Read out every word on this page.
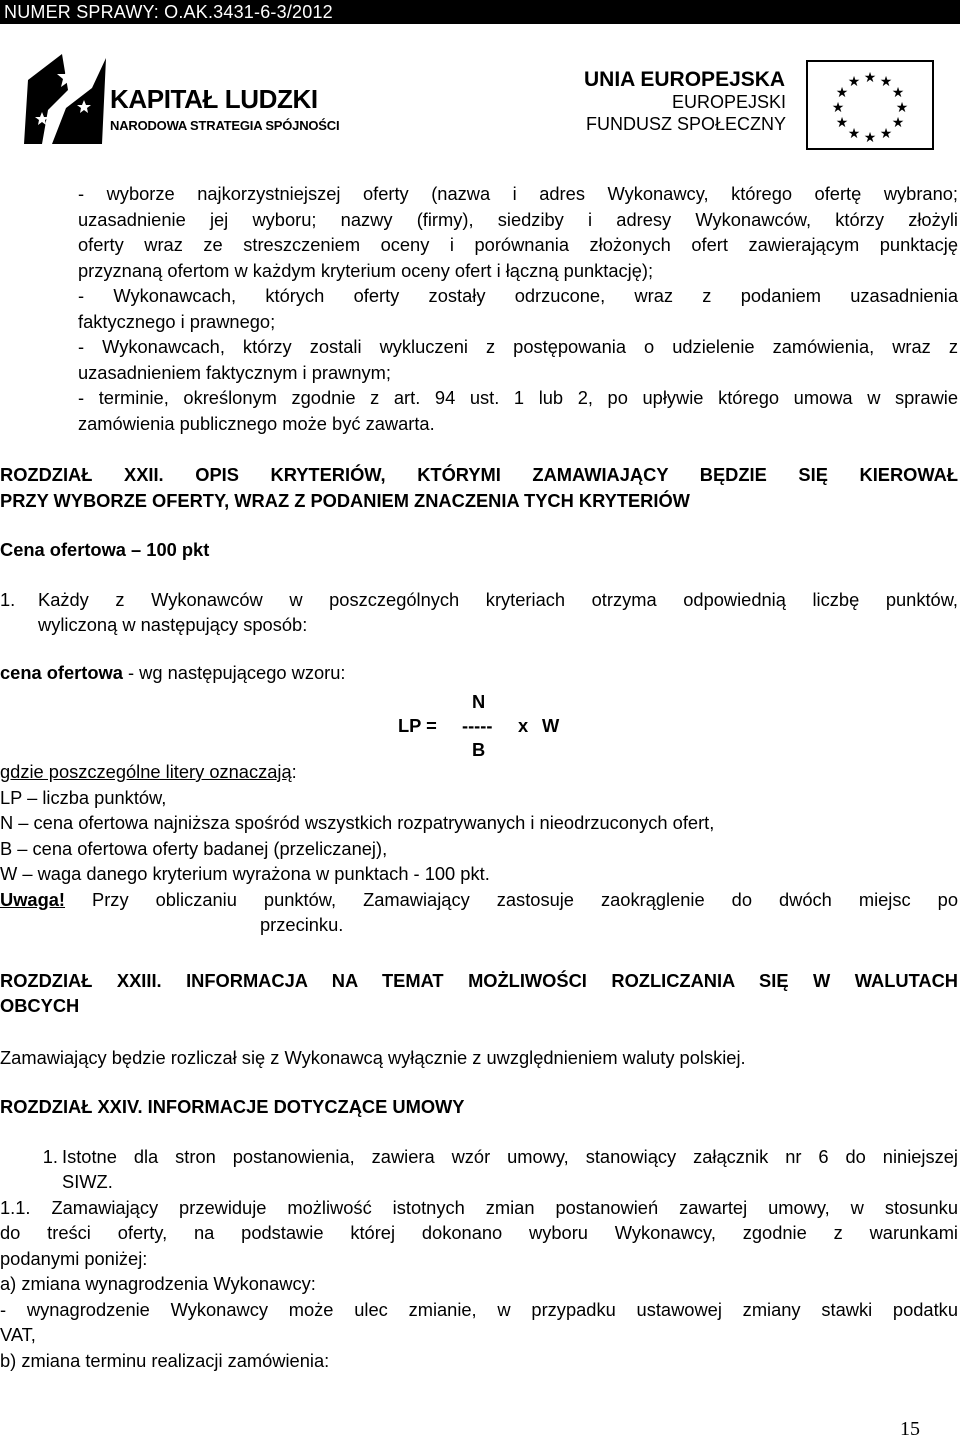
NUMER SPRAWY: O.AK.3431-6-3/2012
KAPITAŁ LUDZKI
NARODOWA STRATEGIA SPÓJNOŚCI
UNIA EUROPEJSKA
EUROPEJSKI
FUNDUSZ SPOŁECZNY
★ ★
★
★
★
★
★
★
★
★
★
★

- wyborze najkorzystniejszej oferty (nazwa i adres Wykonawcy, którego ofertę wybrano;

uzasadnienie jej wyboru; nazwy (firmy), siedziby i adresy Wykonawców, którzy złożyli

oferty wraz ze streszczeniem oceny i porównania złożonych ofert zawierającym punktację

przyznaną ofertom w każdym kryterium oceny ofert i łączną punktację);

- Wykonawcach, których oferty zostały odrzucone, wraz z podaniem uzasadnienia

faktycznego i prawnego;

- Wykonawcach, którzy zostali wykluczeni z postępowania o udzielenie zamówienia, wraz z

uzasadnieniem faktycznym i prawnym;

- terminie, określonym zgodnie z art. 94 ust. 1 lub 2, po upływie którego umowa w sprawie

zamówienia publicznego może być zawarta.

ROZDZIAŁ XXII. OPIS KRYTERIÓW, KTÓRYMI ZAMAWIAJĄCY BĘDZIE SIĘ KIEROWAŁ

PRZY WYBORZE OFERTY, WRAZ Z PODANIEM ZNACZENIA TYCH KRYTERIÓW

Cena ofertowa – 100 pkt

1.	Każdy z Wykonawców w poszczególnych kryteriach otrzyma odpowiednią liczbę punktów,

wyliczoną w następujący sposób:

cena ofertowa - wg następującego wzoru:

N
LP = ----- x W
B

gdzie poszczególne litery oznaczają:

LP – liczba punktów,

N – cena ofertowa najniższa spośród wszystkich rozpatrywanych i nieodrzuconych ofert,

B – cena ofertowa oferty badanej (przeliczanej),

W – waga danego kryterium wyrażona w punktach - 100 pkt.

Uwaga! Przy obliczaniu punktów, Zamawiający zastosuje zaokrąglenie do dwóch miejsc po

przecinku.

ROZDZIAŁ XXIII. INFORMACJA NA TEMAT MOŻLIWOŚCI ROZLICZANIA SIĘ W WALUTACH

OBCYCH

Zamawiający będzie rozliczał się z Wykonawcą wyłącznie z uwzględnieniem waluty polskiej.

ROZDZIAŁ XXIV. INFORMACJE DOTYCZĄCE UMOWY

1. Istotne dla stron postanowienia, zawiera wzór umowy, stanowiący załącznik nr 6 do niniejszej

SIWZ.

1.1. Zamawiający przewiduje możliwość istotnych zmian postanowień zawartej umowy, w stosunku

do treści oferty, na podstawie której dokonano wyboru Wykonawcy, zgodnie z warunkami

podanymi poniżej:

a) zmiana wynagrodzenia Wykonawcy:

- wynagrodzenie Wykonawcy może ulec zmianie, w przypadku ustawowej zmiany stawki podatku

VAT,

b) zmiana terminu realizacji zamówienia:

15
